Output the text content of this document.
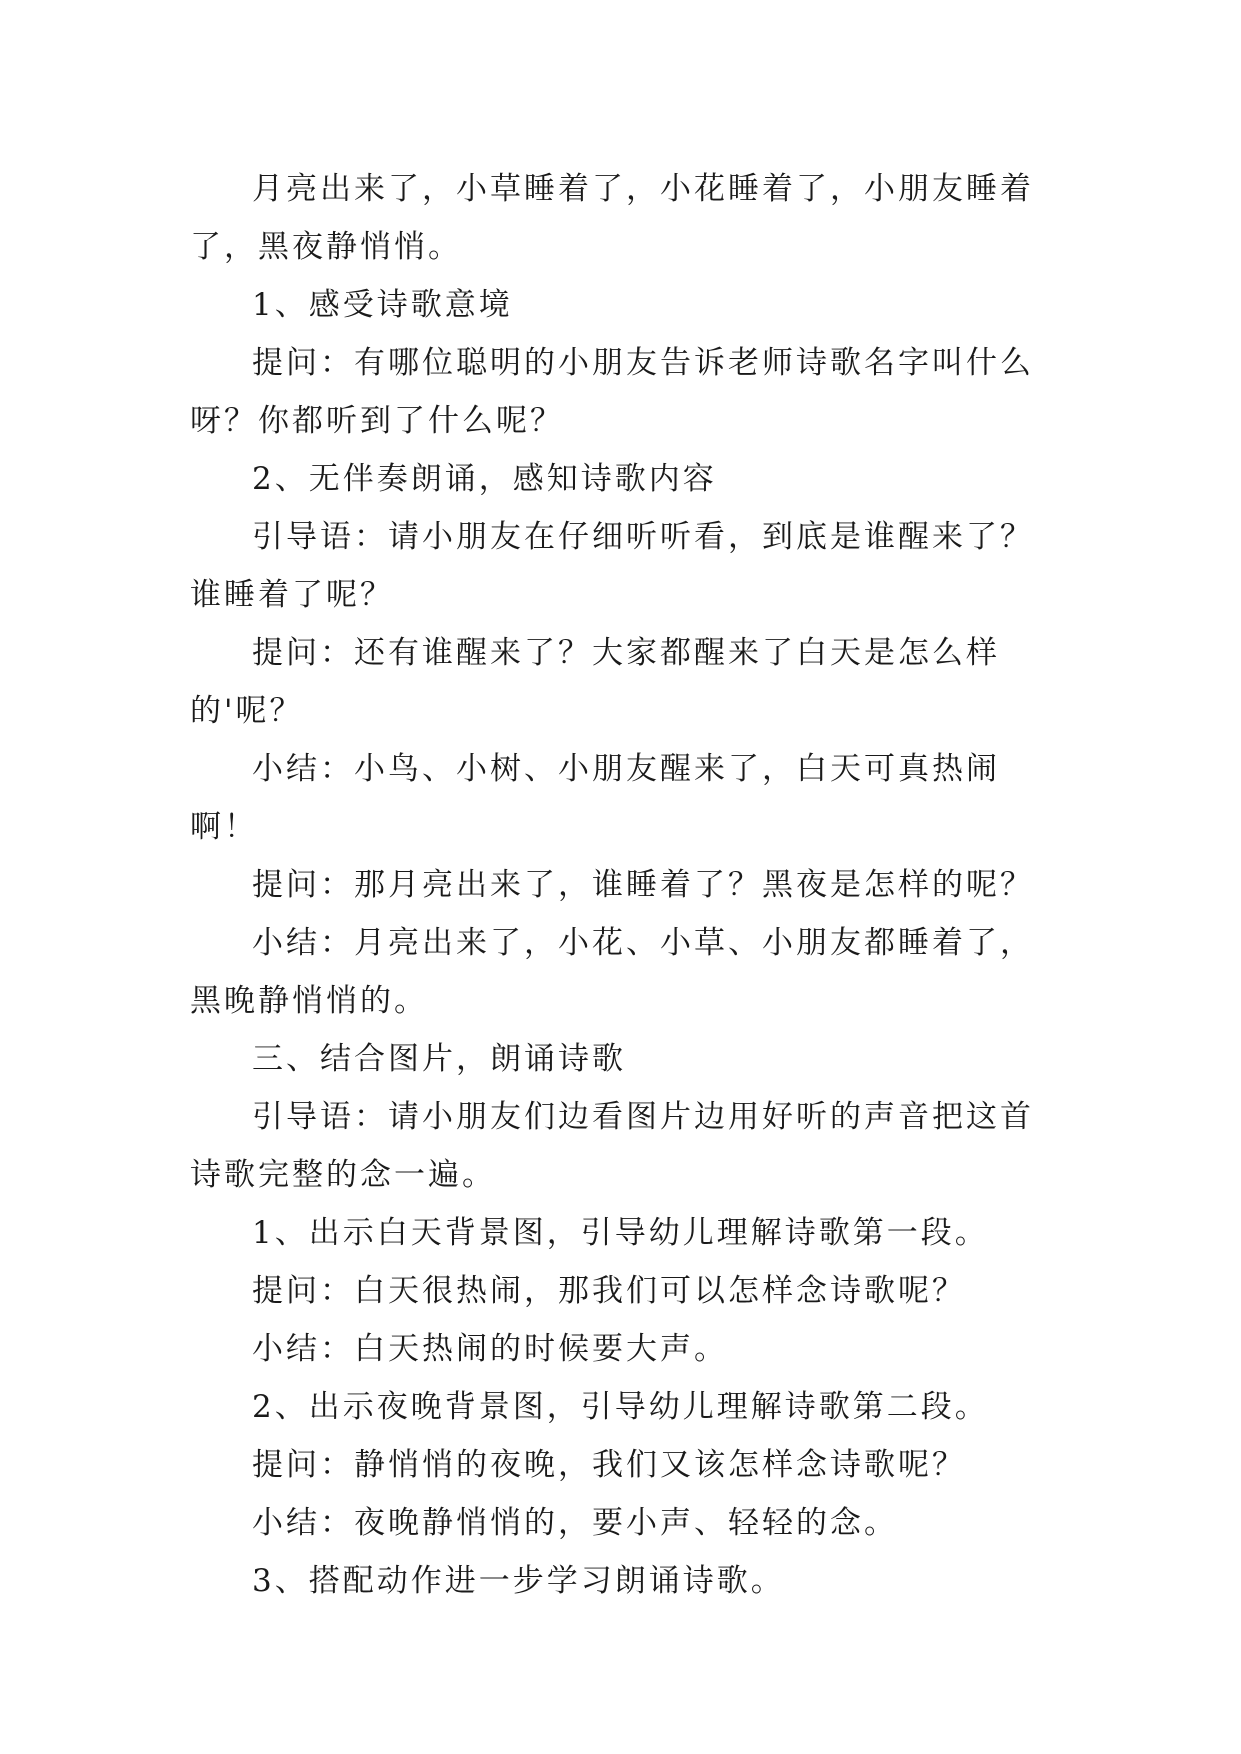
月亮出来了，小草睡着了，小花睡着了，小朋友睡着了，黑夜静悄悄。

1、感受诗歌意境

提问：有哪位聪明的小朋友告诉老师诗歌名字叫什么呀？你都听到了什么呢？

2、无伴奏朗诵，感知诗歌内容

引导语：请小朋友在仔细听听看，到底是谁醒来了？谁睡着了呢？

提问：还有谁醒来了？大家都醒来了白天是怎么样的'呢？

小结：小鸟、小树、小朋友醒来了，白天可真热闹啊！

提问：那月亮出来了，谁睡着了？黑夜是怎样的呢？

小结：月亮出来了，小花、小草、小朋友都睡着了，黑晚静悄悄的。

三、结合图片，朗诵诗歌

引导语：请小朋友们边看图片边用好听的声音把这首诗歌完整的念一遍。

1、出示白天背景图，引导幼儿理解诗歌第一段。

提问：白天很热闹，那我们可以怎样念诗歌呢？

小结：白天热闹的时候要大声。

2、出示夜晚背景图，引导幼儿理解诗歌第二段。

提问：静悄悄的夜晚，我们又该怎样念诗歌呢？

小结：夜晚静悄悄的，要小声、轻轻的念。

3、搭配动作进一步学习朗诵诗歌。
